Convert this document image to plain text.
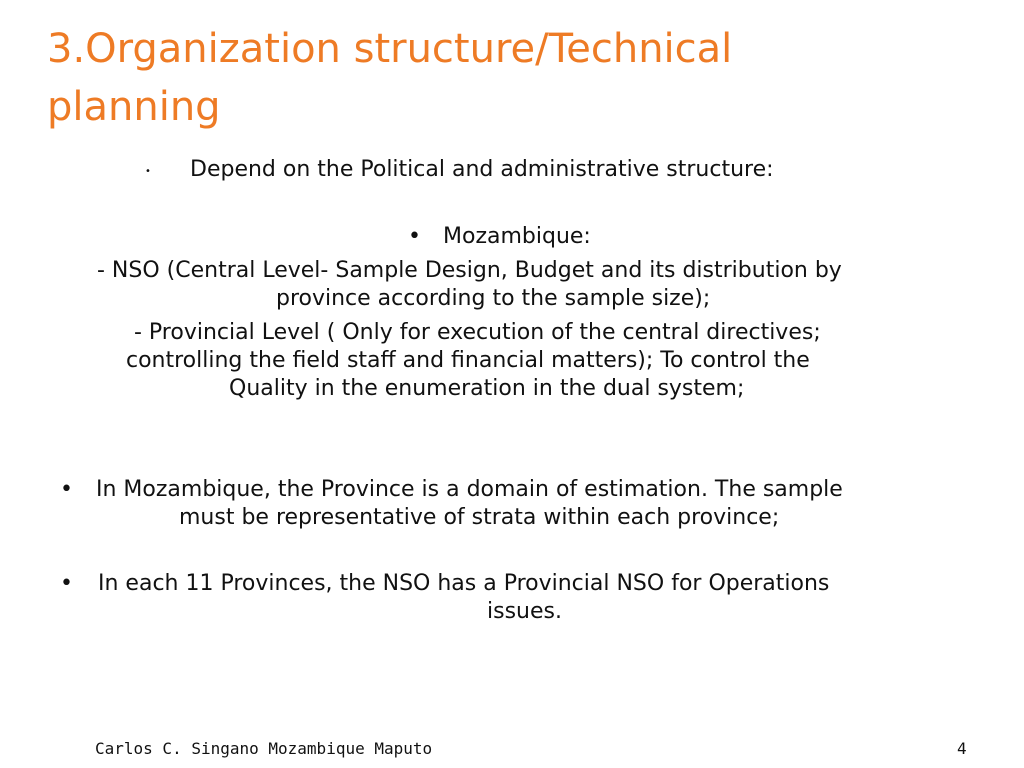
3.Organization structure/Technical
planning
• Depend on the Political and administrative structure:
• Mozambique:
- NSO (Central Level- Sample Design, Budget and its distribution by
province according to the sample size);
- Provincial Level ( Only for execution of the central directives;
controlling the field staff and financial matters); To control the
Quality in the enumeration in the dual system;
• In Mozambique, the Province is a domain of estimation. The sample
must be representative of strata within each province;
• In each 11 Provinces, the NSO has a Provincial NSO for Operations
issues.
Carlos C. Singano Mozambique Maputo	4
